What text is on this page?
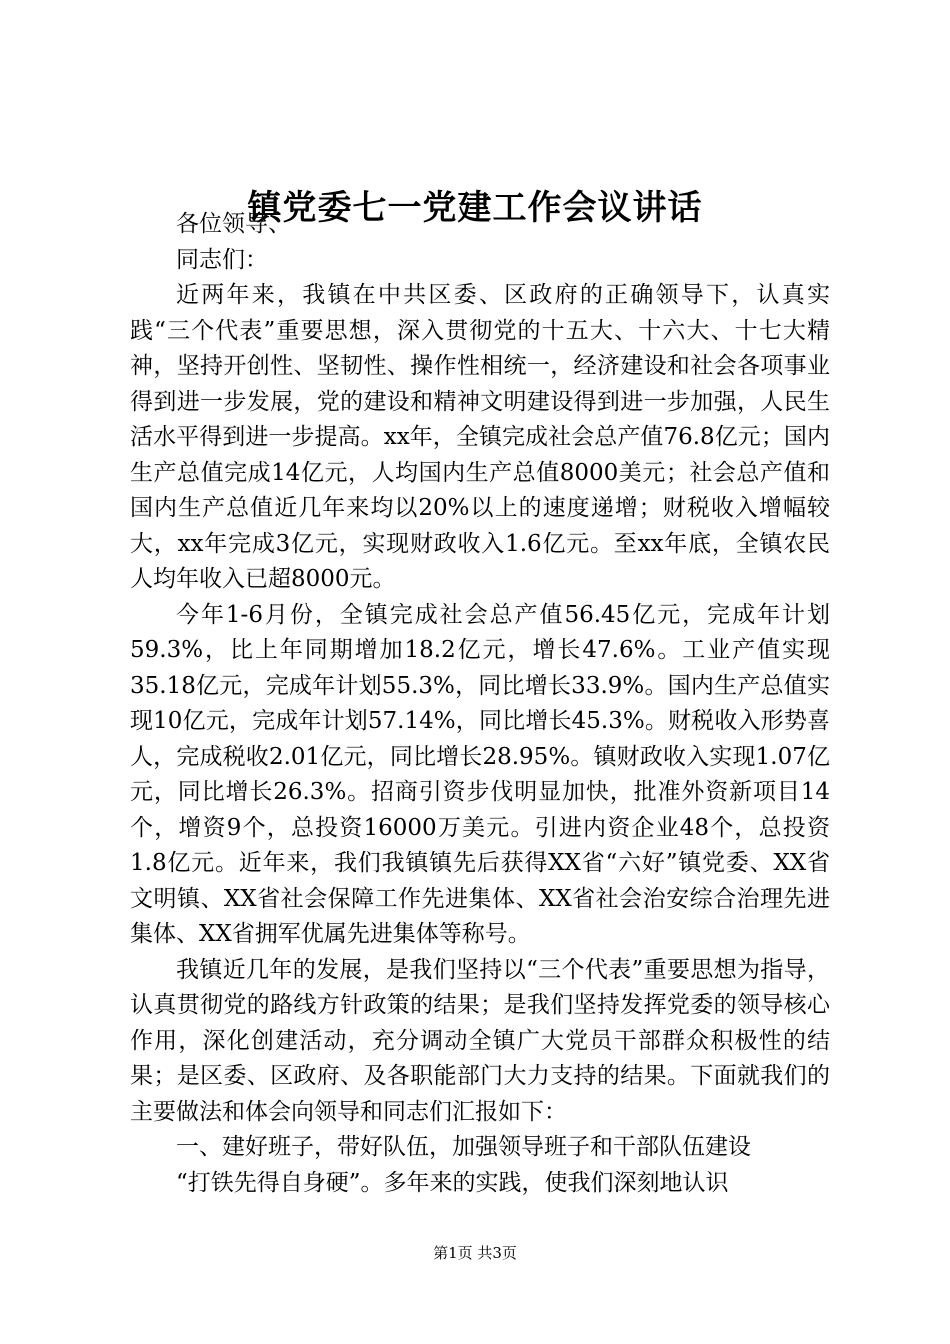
镇党委七一党建工作会议讲话

各位领导、

同志们：

近两年来，我镇在中共区委、区政府的正确领导下，认真实践“三个代表”重要思想，深入贯彻党的十五大、十六大、十七大精神，坚持开创性、坚韧性、操作性相统一，经济建设和社会各项事业得到进一步发展，党的建设和精神文明建设得到进一步加强，人民生活水平得到进一步提高。xx年，全镇完成社会总产值76.8亿元；国内生产总值完成14亿元，人均国内生产总值8000美元；社会总产值和国内生产总值近几年来均以20%以上的速度递增；财税收入增幅较大，xx年完成3亿元，实现财政收入1.6亿元。至xx年底，全镇农民人均年收入已超8000元。

今年1-6月份，全镇完成社会总产值56.45亿元，完成年计划59.3%，比上年同期增加18.2亿元，增长47.6%。工业产值实现35.18亿元，完成年计划55.3%，同比增长33.9%。国内生产总值实现10亿元，完成年计划57.14%，同比增长45.3%。财税收入形势喜人，完成税收2.01亿元，同比增长28.95%。镇财政收入实现1.07亿元，同比增长26.3%。招商引资步伐明显加快，批准外资新项目14个，增资9个，总投资16000万美元。引进内资企业48个，总投资1.8亿元。近年来，我们我镇镇先后获得XX省“六好”镇党委、XX省文明镇、XX省社会保障工作先进集体、XX省社会治安综合治理先进集体、XX省拥军优属先进集体等称号。

我镇近几年的发展，是我们坚持以“三个代表”重要思想为指导，认真贯彻党的路线方针政策的结果；是我们坚持发挥党委的领导核心作用，深化创建活动，充分调动全镇广大党员干部群众积极性的结果；是区委、区政府、及各职能部门大力支持的结果。下面就我们的主要做法和体会向领导和同志们汇报如下：

一、建好班子，带好队伍，加强领导班子和干部队伍建设

“打铁先得自身硬”。多年来的实践，使我们深刻地认识

第1页 共3页
